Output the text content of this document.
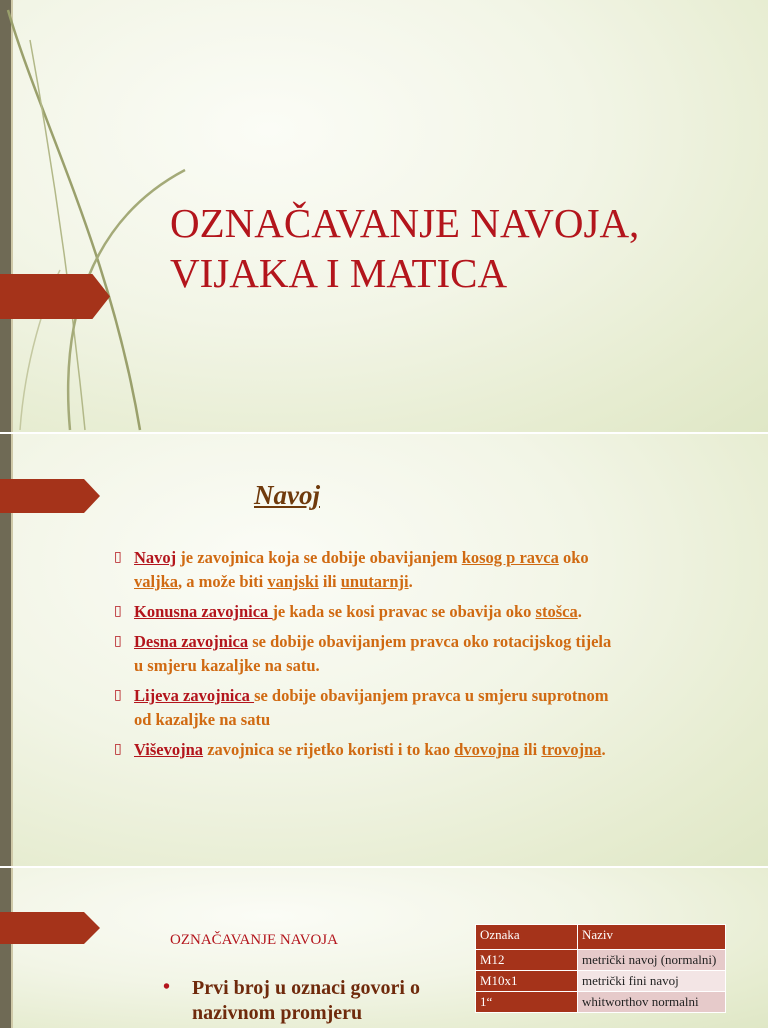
OZNAČAVANJE NAVOJA,
VIJAKA I MATICA
Navoj
▯ Navoj je zavojnica koja se dobije obavijanjem kosog p ravca oko valjka, a može biti vanjski ili unutarnji.
▯ Konusna zavojnica je kada se kosi pravac se obavija oko stošca.
▯ Desna zavojnica se dobije obavijanjem pravca oko rotacijskog tijela u smjeru kazaljke na satu.
▯ Lijeva zavojnica se dobije obavijanjem pravca u smjeru suprotnom od kazaljke na satu
▯ Viševojna zavojnica se rijetko koristi i to kao dvovojna ili trovojna.
OZNAČAVANJE NAVOJA
•	Prvi broj u oznaci govori o nazivnom promjeru
Oznaka	Naziv
M12	metrički navoj (normalni)
M10x1	metrički fini navoj
1“	whitworthov normalni
